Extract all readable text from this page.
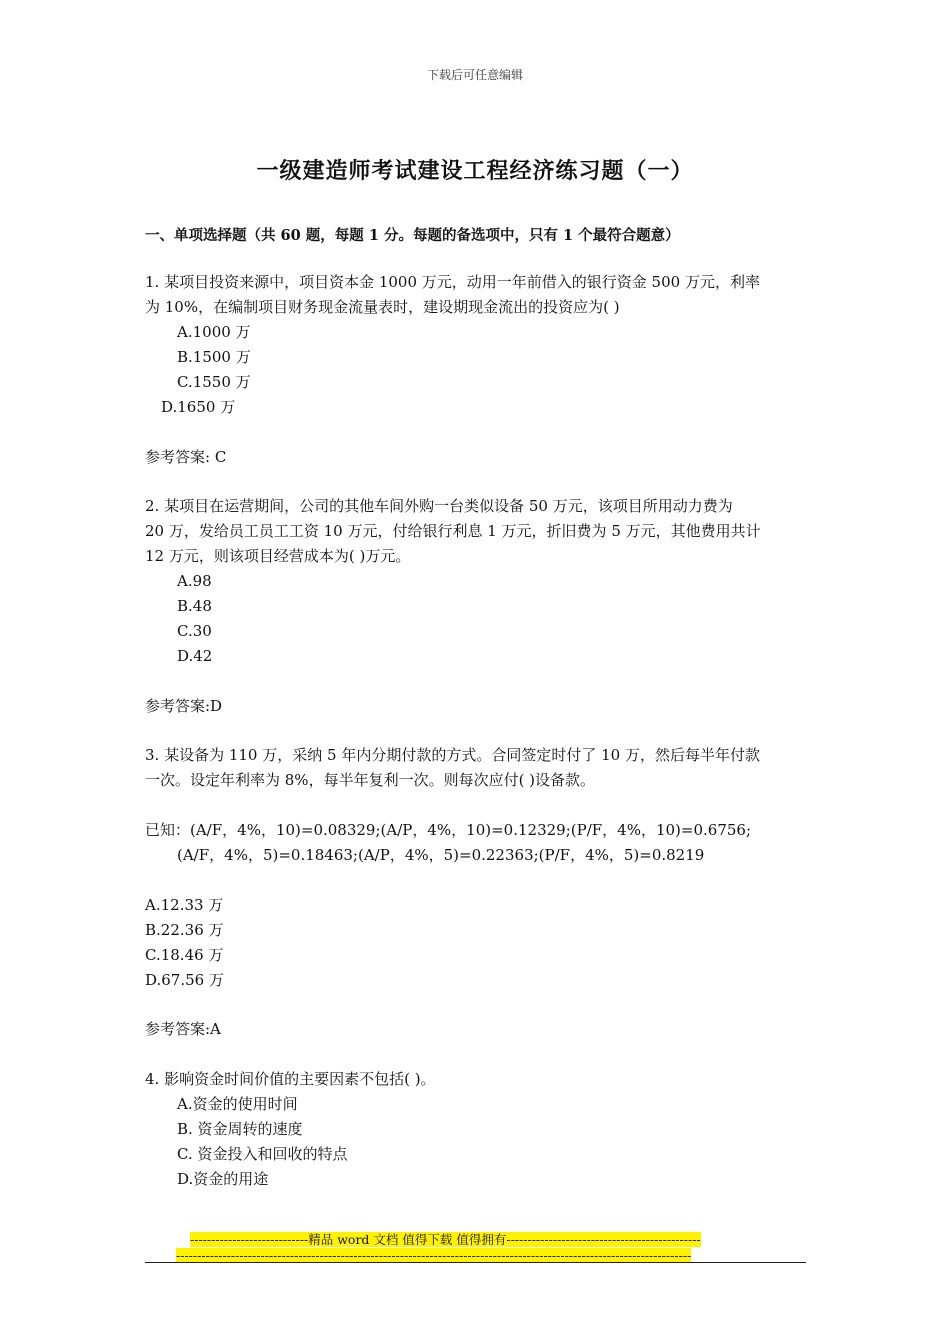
下载后可任意编辑
一级建造师考试建设工程经济练习题（一）
一、单项选择题（共 60 题，每题 1 分。每题的备选项中，只有 1 个最符合题意）
1. 某项目投资来源中，项目资本金 1000 万元，动用一年前借入的银行资金 500 万元，利率
为 10%，在编制项目财务现金流量表时，建设期现金流出的投资应为( )
A.1000 万
B.1500 万
C.1550 万
D.1650 万
参考答案: C
2. 某项目在运营期间，公司的其他车间外购一台类似设备 50 万元，该项目所用动力费为
20 万，发给员工员工工资 10 万元，付给银行利息 1 万元，折旧费为 5 万元，其他费用共计
12 万元，则该项目经营成本为( )万元。
A.98
B.48
C.30
D.42
参考答案:D
3. 某设备为 110 万，采纳 5 年内分期付款的方式。合同签定时付了 10 万，然后每半年付款
一次。设定年利率为 8%，每半年复利一次。则每次应付( )设备款。
已知：(A/F，4%，10)=0.08329;(A/P，4%，10)=0.12329;(P/F，4%，10)=0.6756;
(A/F，4%，5)=0.18463;(A/P，4%，5)=0.22363;(P/F，4%，5)=0.8219
A.12.33 万
B.22.36 万
C.18.46 万
D.67.56 万
参考答案:A
4. 影响资金时间价值的主要因素不包括( )。
A.资金的使用时间
B. 资金周转的速度
C. 资金投入和回收的特点
D.资金的用途
----------------------------精品 word 文档 值得下载 值得拥有----------------------------------------------
--------------------------------------------------------------------------------------------------------------------------
